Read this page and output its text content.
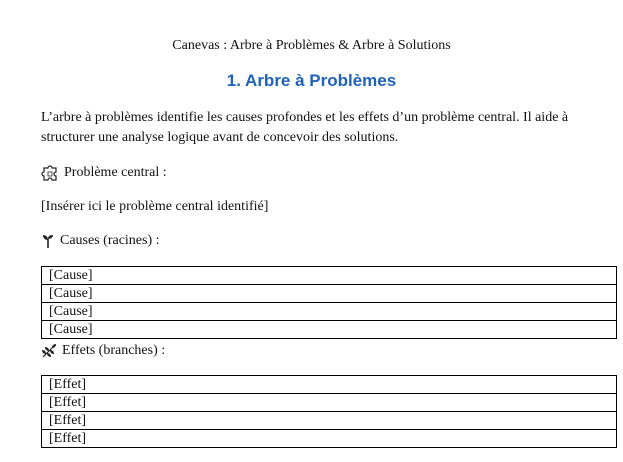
Canevas : Arbre à Problèmes & Arbre à Solutions
1. Arbre à Problèmes

L’arbre à problèmes identifie les causes profondes et les effets d’un problème central. Il aide à structurer une analyse logique avant de concevoir des solutions.

Problème central :
[Insérer ici le problème central identifié]
Causes (racines) :
[Cause]
[Cause]
[Cause]
[Cause]
Effets (branches) :
[Effet]
[Effet]
[Effet]
[Effet]
